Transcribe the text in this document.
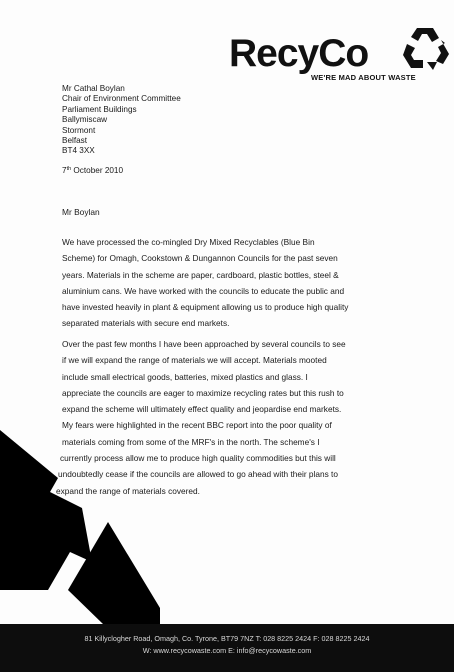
RecyCo
WE'RE MAD ABOUT WASTE
Mr Cathal Boylan
Chair of Environment Committee
Parliament Buildings
Ballymiscaw
Stormont
Belfast
BT4 3XX
7th October 2010
Mr Boylan
We have processed the co-mingled Dry Mixed Recyclables (Blue Bin
Scheme) for Omagh, Cookstown & Dungannon Councils for the past seven
years. Materials in the scheme are paper, cardboard, plastic bottles, steel &
aluminium cans. We have worked with the councils to educate the public and
have invested heavily in plant & equipment allowing us to produce high quality
separated materials with secure end markets.
Over the past few months I have been approached by several councils to see
if we will expand the range of materials we will accept. Materials mooted
include small electrical goods, batteries, mixed plastics and glass. I
appreciate the councils are eager to maximize recycling rates but this rush to
expand the scheme will ultimately effect quality and jeopardise end markets.
My fears were highlighted in the recent BBC report into the poor quality of
materials coming from some of the MRF's in the north. The scheme's I
currently process allow me to produce high quality commodities but this will
undoubtedly cease if the councils are allowed to go ahead with their plans to
expand the range of materials covered.
81 Killyclogher Road, Omagh, Co. Tyrone, BT79 7NZ T: 028 8225 2424 F: 028 8225 2424
W: www.recycowaste.com E: info@recycowaste.com
